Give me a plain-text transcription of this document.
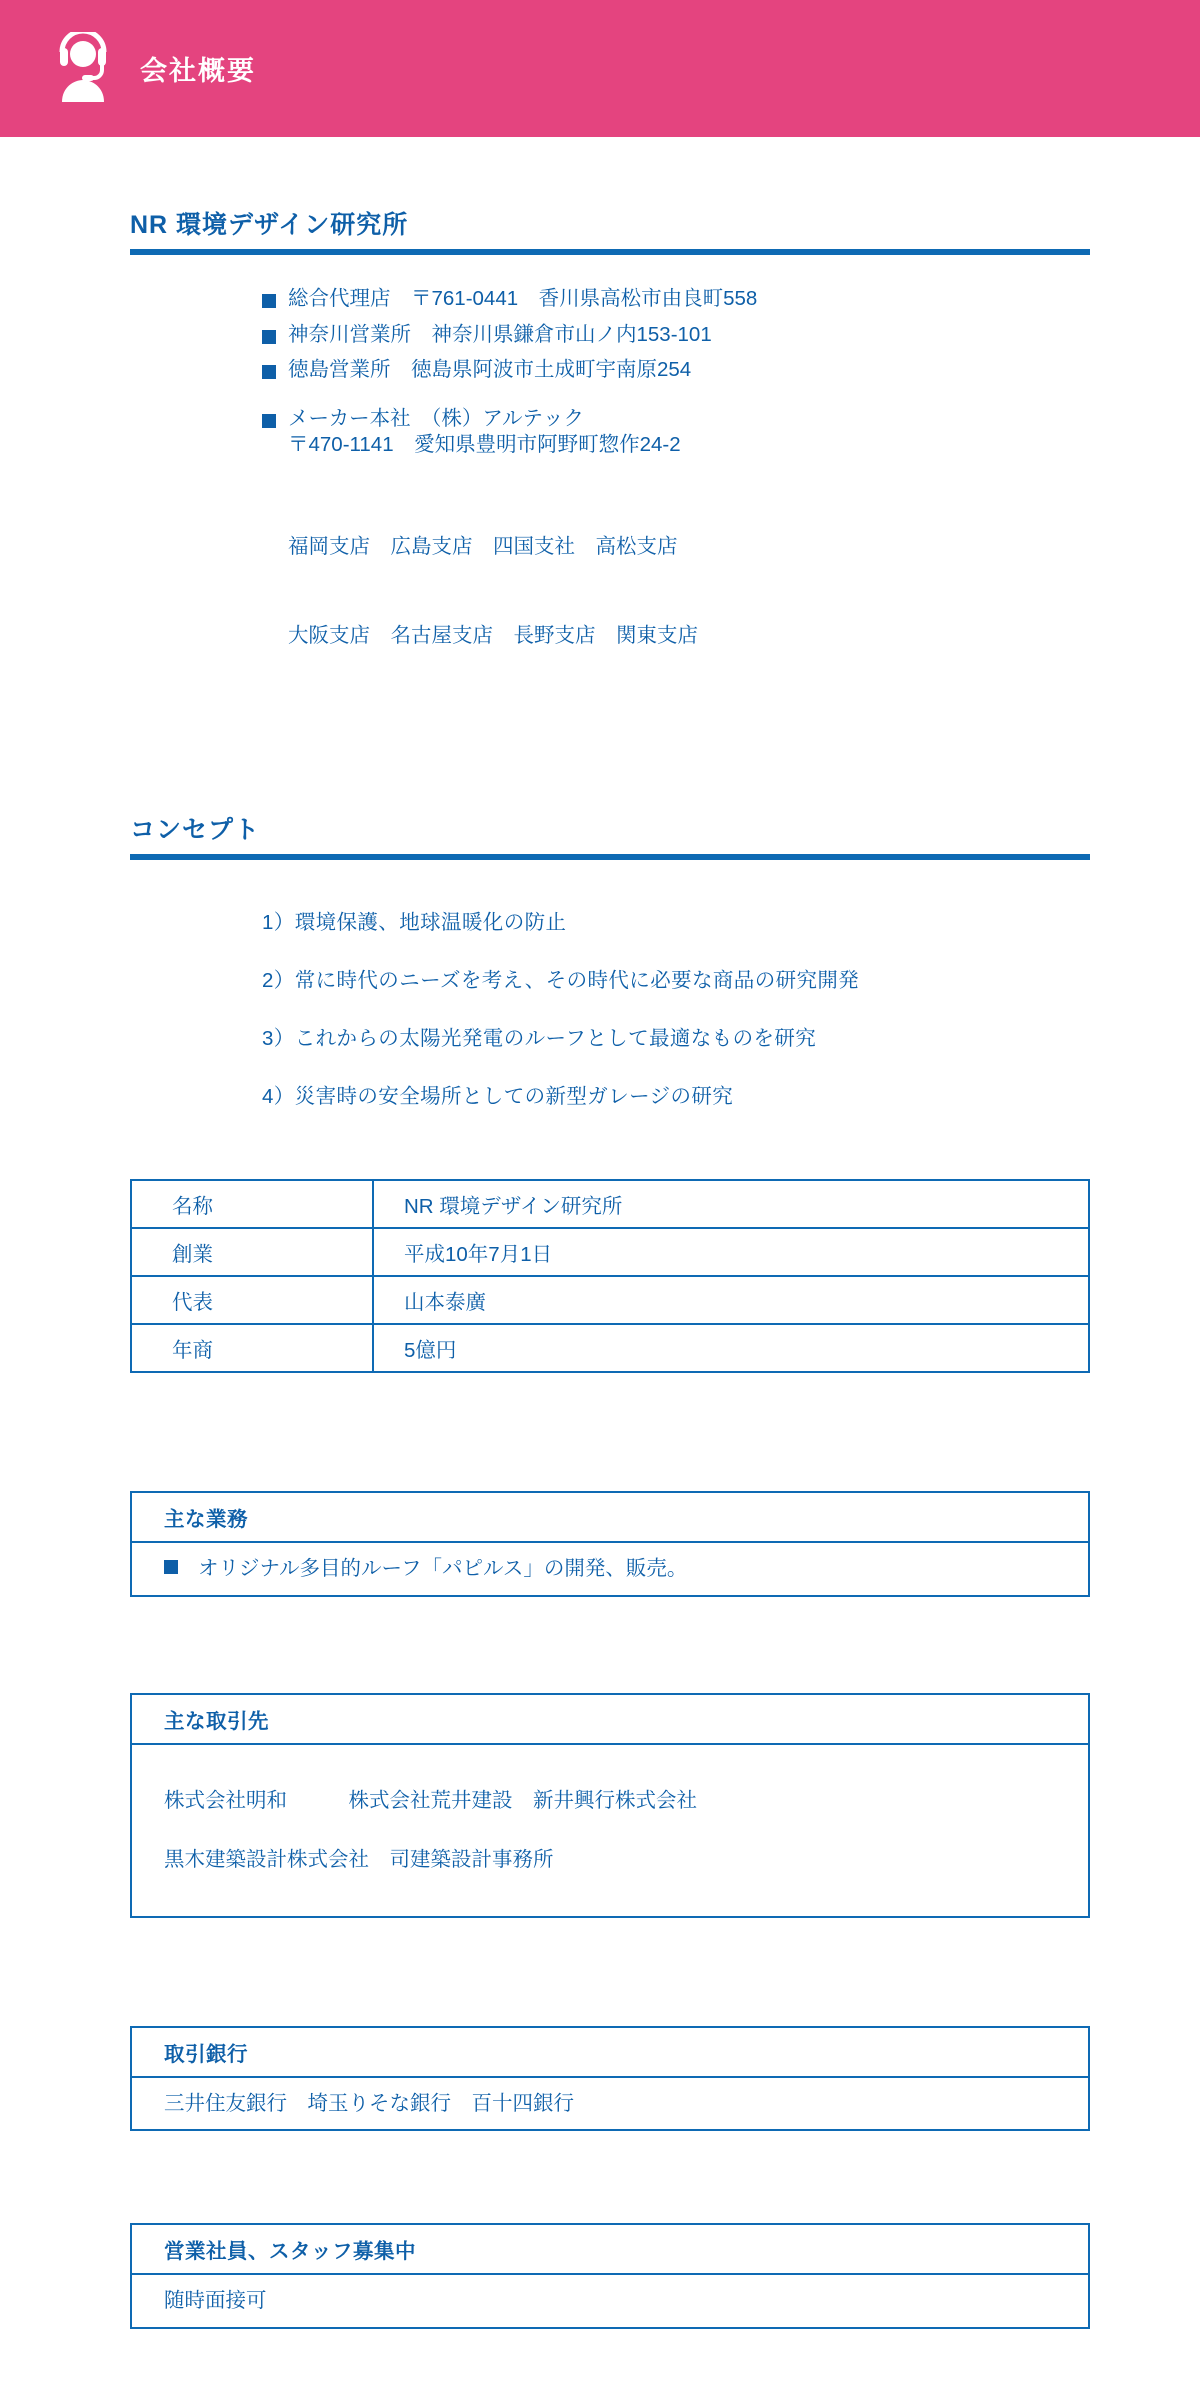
会社概要
NR 環境デザイン研究所
総合代理店　〒761-0441　香川県高松市由良町558
神奈川営業所　神奈川県鎌倉市山ノ内153-101
徳島営業所　徳島県阿波市土成町宇南原254
メーカー本社　（株）アルテック
〒470-1141　愛知県豊明市阿野町惣作24-2

福岡支店　広島支店　四国支社　高松支店

大阪支店　名古屋支店　長野支店　関東支店

コンセプト
1）環境保護、地球温暖化の防止
2）常に時代のニーズを考え、その時代に必要な商品の研究開発
3）これからの太陽光発電のルーフとして最適なものを研究
4）災害時の安全場所としての新型ガレージの研究
名称	NR 環境デザイン研究所
創業	平成10年7月1日
代表	山本泰廣
年商	5億円
主な業務
オリジナル多目的ルーフ「パピルス」の開発、販売。
主な取引先

株式会社明和　　　株式会社荒井建設　新井興行株式会社

黒木建築設計株式会社　司建築設計事務所

取引銀行
三井住友銀行　埼玉りそな銀行　百十四銀行
営業社員、スタッフ募集中
随時面接可
